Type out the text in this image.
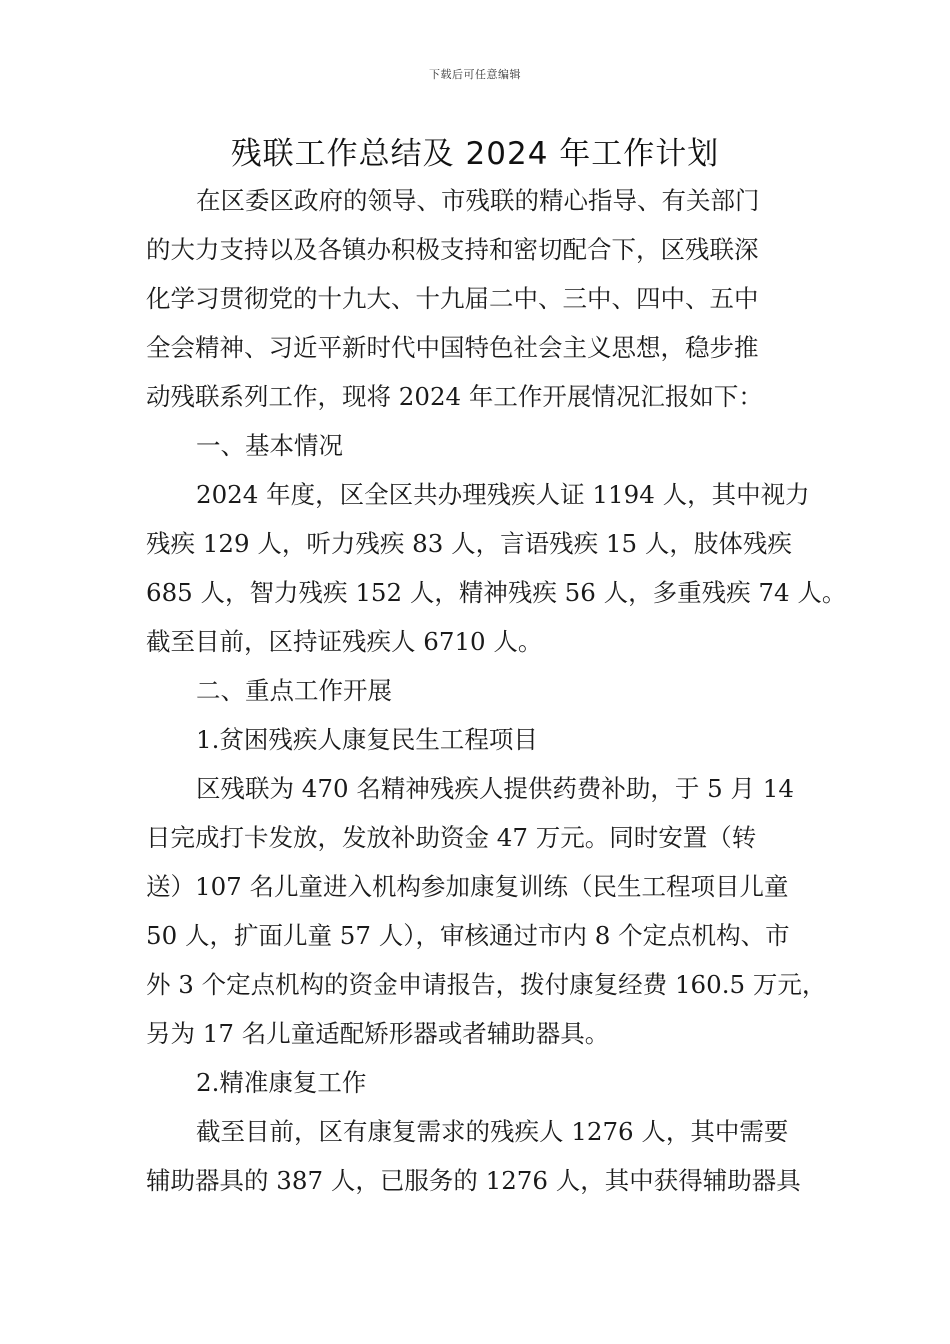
下载后可任意编辑
残联工作总结及 2024 年工作计划
在区委区政府的领导、市残联的精心指导、有关部门
的大力支持以及各镇办积极支持和密切配合下，区残联深
化学习贯彻党的十九大、十九届二中、三中、四中、五中
全会精神、习近平新时代中国特色社会主义思想，稳步推
动残联系列工作，现将 2024 年工作开展情况汇报如下：
一、基本情况
2024 年度，区全区共办理残疾人证 1194 人，其中视力
残疾 129 人，听力残疾 83 人，言语残疾 15 人，肢体残疾
685 人，智力残疾 152 人，精神残疾 56 人，多重残疾 74 人。
截至目前，区持证残疾人 6710 人。
二、重点工作开展
1.贫困残疾人康复民生工程项目
区残联为 470 名精神残疾人提供药费补助，于 5 月 14
日完成打卡发放，发放补助资金 47 万元。同时安置（转
送）107 名儿童进入机构参加康复训练（民生工程项目儿童
50 人，扩面儿童 57 人），审核通过市内 8 个定点机构、市
外 3 个定点机构的资金申请报告，拨付康复经费 160.5 万元，
另为 17 名儿童适配矫形器或者辅助器具。
2.精准康复工作
截至目前，区有康复需求的残疾人 1276 人，其中需要
辅助器具的 387 人，已服务的 1276 人，其中获得辅助器具
